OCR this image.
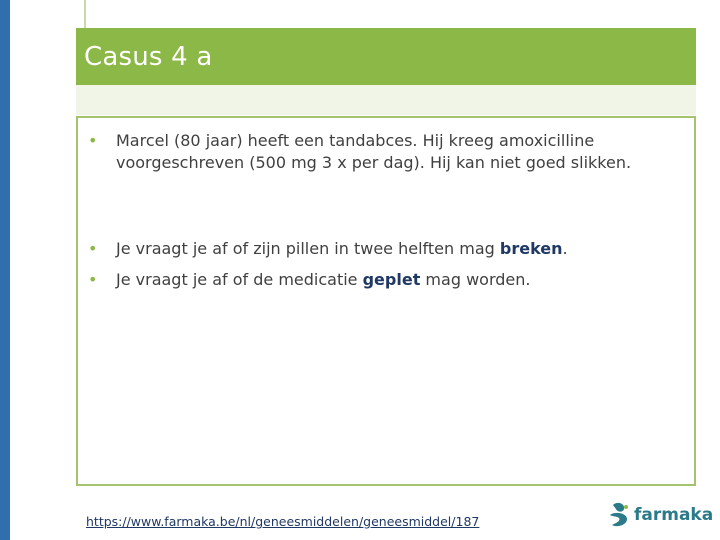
Casus 4 a
• Marcel (80 jaar) heeft een tandabces. Hij kreeg amoxicilline voorgeschreven (500 mg 3 x per dag). Hij kan niet goed slikken.
• Je vraagt je af of zijn pillen in twee helften mag breken.
• Je vraagt je af of de medicatie geplet mag worden.
https://www.farmaka.be/nl/geneesmiddelen/geneesmiddel/187	farmaka
